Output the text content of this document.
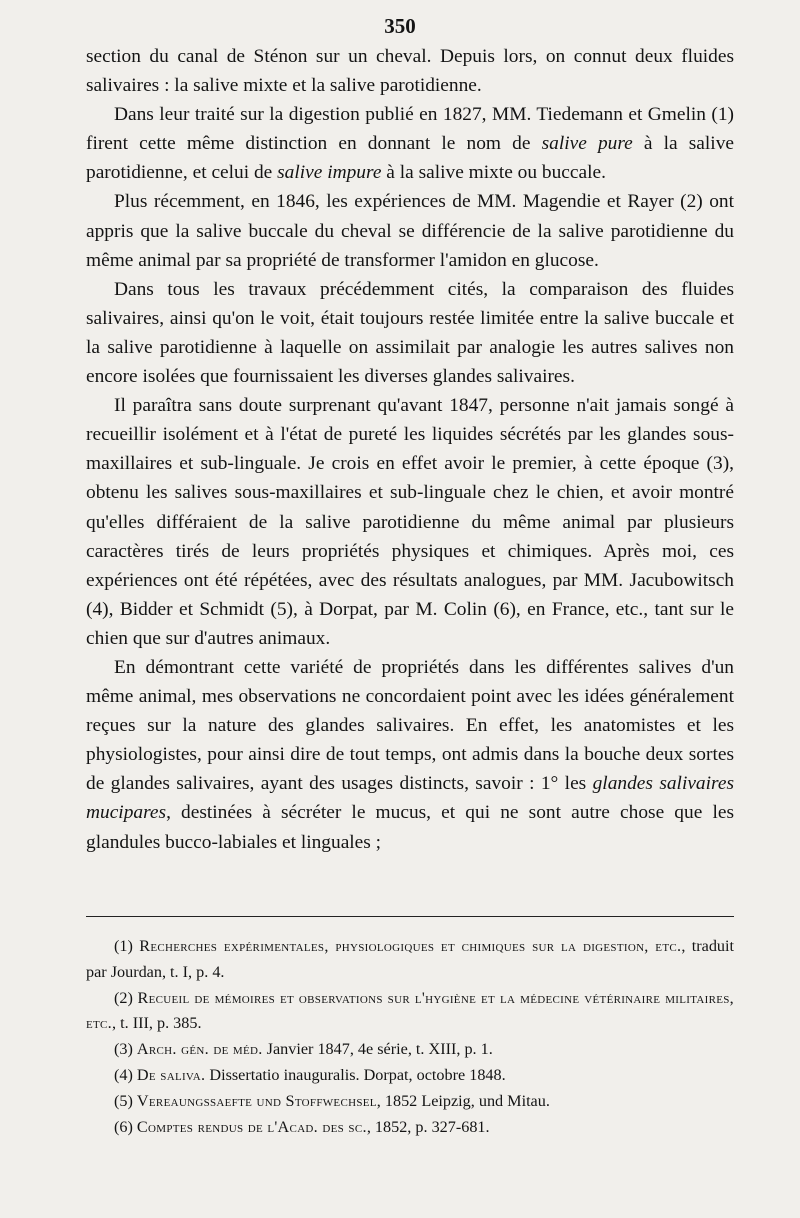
350

section du canal de Sténon sur un cheval. Depuis lors, on connut deux fluides salivaires : la salive mixte et la salive parotidienne.

Dans leur traité sur la digestion publié en 1827, MM. Tiedemann et Gmelin (1) firent cette même distinction en donnant le nom de salive pure à la salive parotidienne, et celui de salive impure à la salive mixte ou buccale.

Plus récemment, en 1846, les expériences de MM. Magendie et Rayer (2) ont appris que la salive buccale du cheval se différencie de la salive parotidienne du même animal par sa propriété de transformer l'amidon en glucose.

Dans tous les travaux précédemment cités, la comparaison des fluides salivaires, ainsi qu'on le voit, était toujours restée limitée entre la salive buccale et la salive parotidienne à laquelle on assimilait par analogie les autres salives non encore isolées que fournissaient les diverses glandes salivaires.

Il paraîtra sans doute surprenant qu'avant 1847, personne n'ait jamais songé à recueillir isolément et à l'état de pureté les liquides sécrétés par les glandes sous-maxillaires et sub-linguale. Je crois en effet avoir le premier, à cette époque (3), obtenu les salives sous-maxillaires et sub-linguale chez le chien, et avoir montré qu'elles différaient de la salive parotidienne du même animal par plusieurs caractères tirés de leurs propriétés physiques et chimiques. Après moi, ces expériences ont été répétées, avec des résultats analogues, par MM. Jacubowitsch (4), Bidder et Schmidt (5), à Dorpat, par M. Colin (6), en France, etc., tant sur le chien que sur d'autres animaux.

En démontrant cette variété de propriétés dans les différentes salives d'un même animal, mes observations ne concordaient point avec les idées généralement reçues sur la nature des glandes salivaires. En effet, les anatomistes et les physiologistes, pour ainsi dire de tout temps, ont admis dans la bouche deux sortes de glandes salivaires, ayant des usages distincts, savoir : 1° les glandes salivaires mucipares, destinées à sécréter le mucus, et qui ne sont autre chose que les glandules bucco-labiales et linguales ;

(1) Recherches expérimentales, physiologiques et chimiques sur la digestion, etc., traduit par Jourdan, t. I, p. 4.

(2) Recueil de mémoires et observations sur l'hygiène et la médecine vétérinaire militaires, etc., t. III, p. 385.

(3) Arch. gén. de méd. Janvier 1847, 4e série, t. XIII, p. 1.

(4) De saliva. Dissertatio inauguralis. Dorpat, octobre 1848.

(5) Vereaungssaefte und Stoffwechsel, 1852 Leipzig, und Mitau.

(6) Comptes rendus de l'Acad. des sc., 1852, p. 327-681.
